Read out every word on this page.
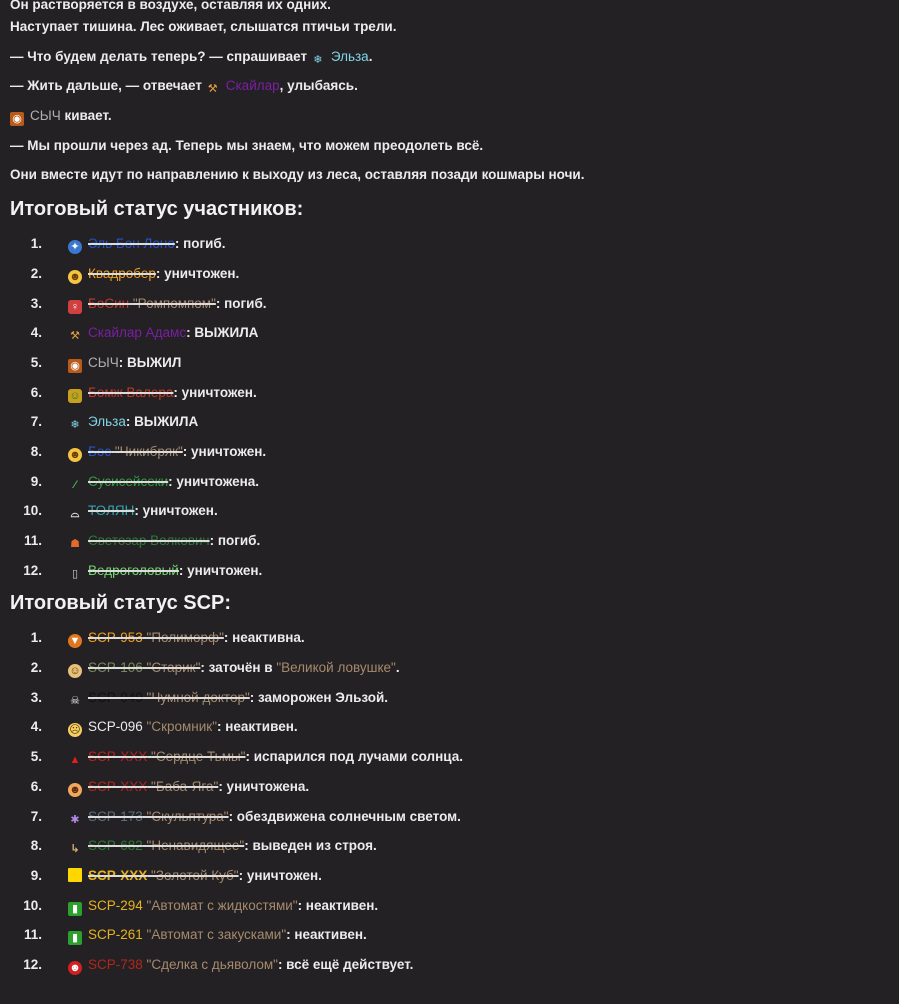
Он растворяется в воздухе, оставляя их одних.

Наступает тишина. Лес оживает, слышатся птичьи трели.

— Что будем делать теперь? — спрашивает ❄ Эльза.

— Жить дальше, — отвечает ⚒ Скайлар, улыбаясь.

◉ СЫЧ кивает.

— Мы прошли через ад. Теперь мы знаем, что можем преодолеть всё.

Они вместе идут по направлению к выходу из леса, оставляя позади кошмары ночи.

Итоговый статус участников:
1.	✦ Эль Бон Лоно: погиб.
2. ☻ Квадробер: уничтожен.
3.	♀ БоСин "Ромпомпом": погиб.
4.	⚒ Скайлар Адамс: ВЫЖИЛА
5.	◉ СЫЧ: ВЫЖИЛ
6. ☺ Бомж Валера: уничтожен.
7.	❄ Эльза: ВЫЖИЛА
8. ☻ Бос "Чикибряк": уничтожен.
9.	⁄ Сусисейсеки: уничтожена.
10.	⌓ ТОЛЯН: уничтожен.
11.	☗ Светозар Волкович: погиб.
12.	▯ Ведроголовый: уничтожен.
Итоговый статус SCP:
1.	▼ SCP-953 "Полиморф": неактивна.
2. ☺ SCP-106 "Старик": заточён в "Великой ловушке".
3.	☠ SCP-049 "Чумной доктор": заморожен Эльзой.
4. ☹ SCP-096 "Скромник": неактивен.
5.	▲ SCP-XXX "Сердце Тьмы": испарился под лучами солнца.
6. ☻ SCP-XXX "Баба-Яга": уничтожена.
7.	✱ SCP-173 "Скульптура": обездвижена солнечным светом.
8.	↳ SCP-682 "Ненавидящее": выведен из строя.
9.	SCP-XXX "Золотой Куб": уничтожен.
10.	▮ SCP-294 "Автомат с жидкостями": неактивен.
11.	▮ SCP-261 "Автомат с закусками": неактивен.
12. ☻ SCP-738 "Сделка с дьяволом": всё ещё действует.
